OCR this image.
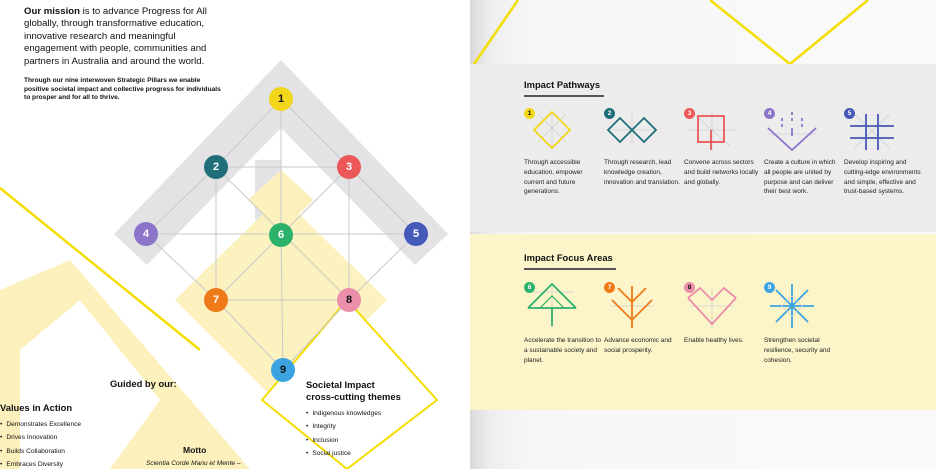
Our mission is to advance Progress for All globally, through transformative education, innovative research and meaningful engagement with people, communities and partners in Australia and around the world.
Through our nine interwoven Strategic Pillars we enable positive societal impact and collective progress for individuals to prosper and for all to thrive.	1
2	3
4	5
6
7	8
9
Guided by our:
Values in Action
• Demonstrates Excellence
• Drives Innovation
• Builds Collaboration
• Embraces Diversity
Motto
Scientia Corde Manu et Mente –
Societal Impact
cross-cutting themes
• Indigenous knowledges
• Integrity
• Inclusion
• Social justice
Impact Pathways
1
Through accessible education, empower current and future generations.
2
Through research, lead knowledge creation, innovation and translation.
3
Convene across sectors and build networks locally and globally.
4
Create a culture in which all people are united by purpose and can deliver their best work.
5
Develop inspiring and cutting-edge environments and simple, effective and trust-based systems.
Impact Focus Areas
6
Accelerate the transition to a sustainable society and planet.
7
Advance economic and social prosperity.
8
Enable healthy lives.
9
Strengthen societal resilience, security and cohesion.
